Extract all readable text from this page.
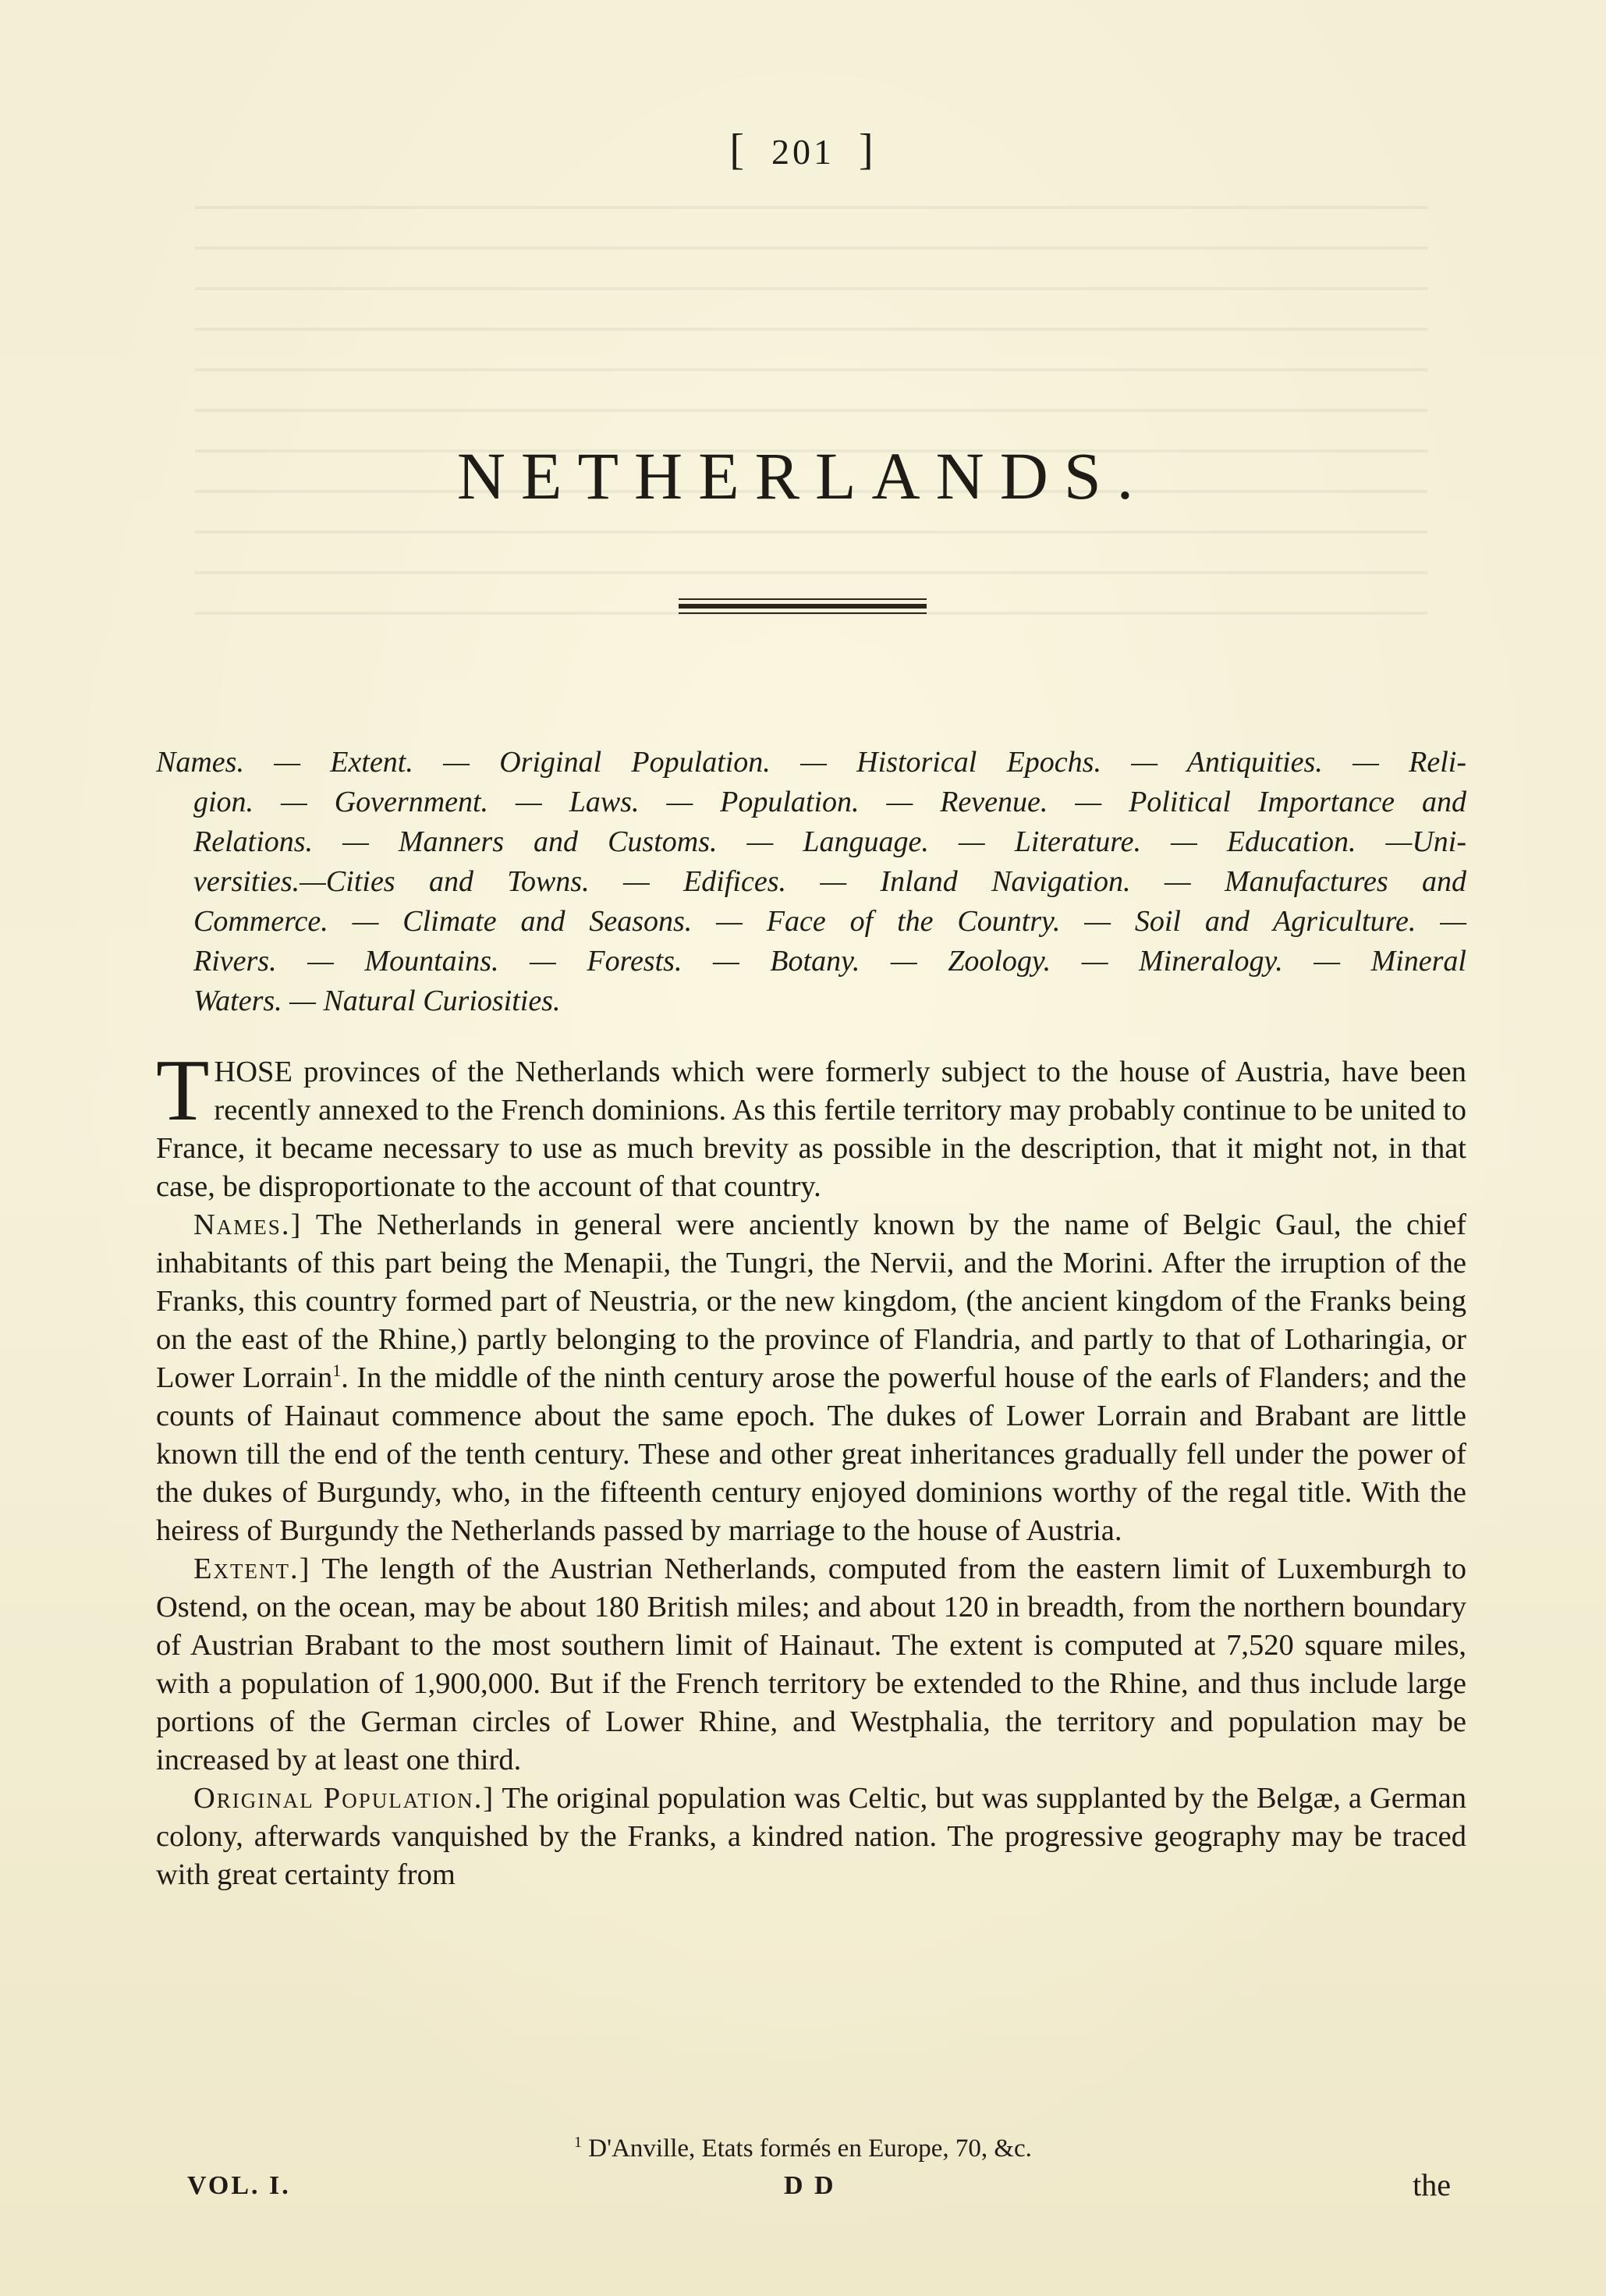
[ 201 ]
NETHERLANDS.
Names. — Extent. — Original Population. — Historical Epochs. — Antiquities. — Reli-
gion. — Government. — Laws. — Population. — Revenue. — Political Importance and
Relations. — Manners and Customs. — Language. — Literature. — Education. —Uni-
versities.—Cities and Towns. — Edifices. — Inland Navigation. — Manufactures and
Commerce. — Climate and Seasons. — Face of the Country. — Soil and Agriculture. —
Rivers. — Mountains. — Forests. — Botany. — Zoology. — Mineralogy. — Mineral
Waters. — Natural Curiosities.

THOSE provinces of the Netherlands which were formerly subject to the house of Austria, have been recently annexed to the French dominions. As this fertile territory may probably continue to be united to France, it became necessary to use as much brevity as possible in the description, that it might not, in that case, be disproportionate to the account of that country.

Names.] The Netherlands in general were anciently known by the name of Belgic Gaul, the chief inhabitants of this part being the Menapii, the Tungri, the Nervii, and the Morini. After the irruption of the Franks, this country formed part of Neustria, or the new kingdom, (the ancient kingdom of the Franks being on the east of the Rhine,) partly belonging to the province of Flandria, and partly to that of Lotharingia, or Lower Lorrain$^1$. In the middle of the ninth century arose the powerful house of the earls of Flanders; and the counts of Hainaut commence about the same epoch. The dukes of Lower Lorrain and Brabant are little known till the end of the tenth century. These and other great inheritances gradually fell under the power of the dukes of Burgundy, who, in the fifteenth century enjoyed dominions worthy of the regal title. With the heiress of Burgundy the Netherlands passed by marriage to the house of Austria.

Extent.] The length of the Austrian Netherlands, computed from the eastern limit of Luxemburgh to Ostend, on the ocean, may be about 180 British miles; and about 120 in breadth, from the northern boundary of Austrian Brabant to the most southern limit of Hainaut. The extent is computed at 7,520 square miles, with a population of 1,900,000. But if the French territory be extended to the Rhine, and thus include large portions of the German circles of Lower Rhine, and Westphalia, the territory and population may be increased by at least one third.

Original Population.] The original population was Celtic, but was supplanted by the Belgæ, a German colony, afterwards vanquished by the Franks, a kindred nation. The progressive geography may be traced with great certainty from

$^1$ D'Anville, Etats formés en Europe, 70, &c.
VOL. I.	D D	the
